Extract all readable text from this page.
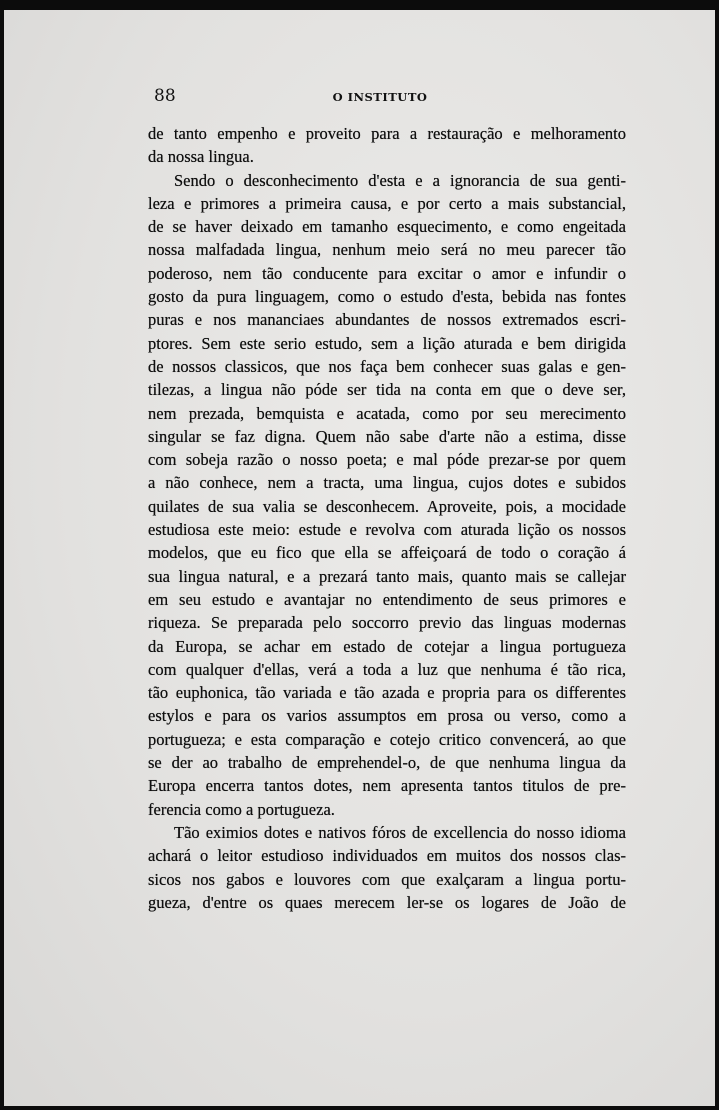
88	O INSTITUTO

de tanto empenho e proveito para a restauração e melhoramento
da nossa lingua.
Sendo o desconhecimento d'esta e a ignorancia de sua genti-
leza e primores a primeira causa, e por certo a mais substancial,
de se haver deixado em tamanho esquecimento, e como engeitada
nossa malfadada lingua, nenhum meio será no meu parecer tão
poderoso, nem tão conducente para excitar o amor e infundir o
gosto da pura linguagem, como o estudo d'esta, bebida nas fontes
puras e nos mananciaes abundantes de nossos extremados escri-
ptores. Sem este serio estudo, sem a lição aturada e bem dirigida
de nossos classicos, que nos faça bem conhecer suas galas e gen-
tilezas, a lingua não póde ser tida na conta em que o deve ser,
nem prezada, bemquista e acatada, como por seu merecimento
singular se faz digna. Quem não sabe d'arte não a estima, disse
com sobeja razão o nosso poeta; e mal póde prezar-se por quem
a não conhece, nem a tracta, uma lingua, cujos dotes e subidos
quilates de sua valia se desconhecem. Aproveite, pois, a mocidade
estudiosa este meio: estude e revolva com aturada lição os nossos
modelos, que eu fico que ella se affeiçoará de todo o coração á
sua lingua natural, e a prezará tanto mais, quanto mais se callejar
em seu estudo e avantajar no entendimento de seus primores e
riqueza. Se preparada pelo soccorro previo das linguas modernas
da Europa, se achar em estado de cotejar a lingua portugueza
com qualquer d'ellas, verá a toda a luz que nenhuma é tão rica,
tão euphonica, tão variada e tão azada e propria para os differentes
estylos e para os varios assumptos em prosa ou verso, como a
portugueza; e esta comparação e cotejo critico convencerá, ao que
se der ao trabalho de emprehendel-o, de que nenhuma lingua da
Europa encerra tantos dotes, nem apresenta tantos titulos de pre-
ferencia como a portugueza.
Tão eximios dotes e nativos fóros de excellencia do nosso idioma
achará o leitor estudioso individuados em muitos dos nossos clas-
sicos nos gabos e louvores com que exalçaram a lingua portu-
gueza, d'entre os quaes merecem ler-se os logares de João de
